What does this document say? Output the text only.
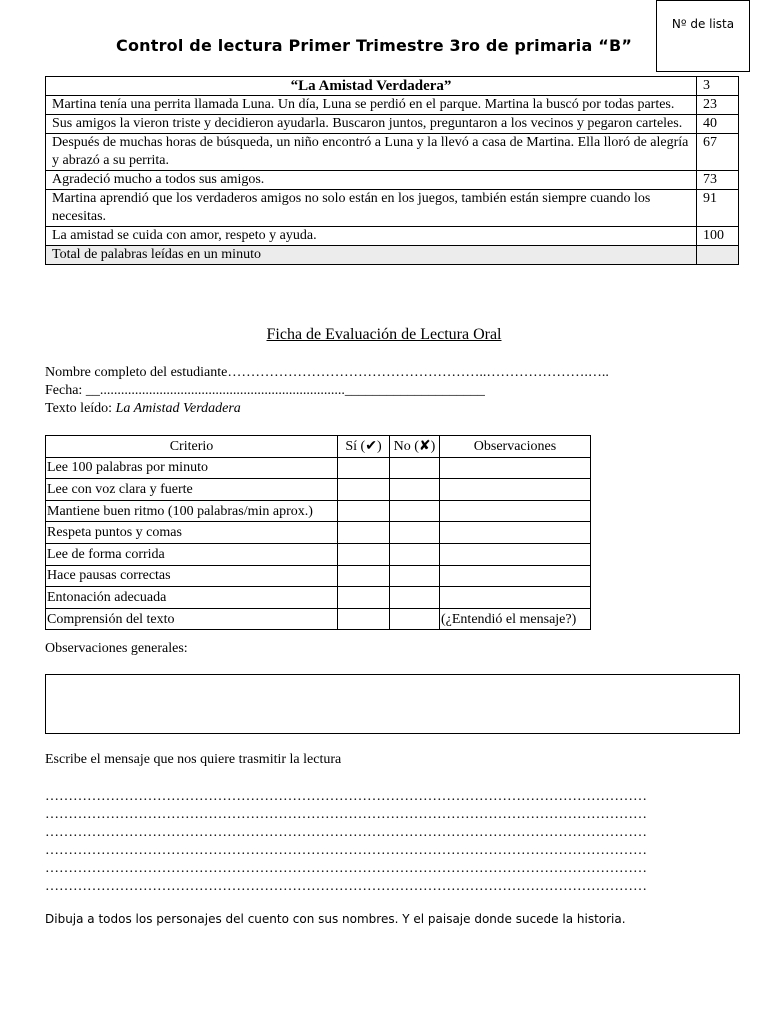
Nº de lista
Control de lectura Primer Trimestre 3ro de primaria “B”
“La Amistad Verdadera”	3
Martina tenía una perrita llamada Luna. Un día, Luna se perdió en el parque. Martina la buscó por todas partes.	23
Sus amigos la vieron triste y decidieron ayudarla. Buscaron juntos, preguntaron a los vecinos y pegaron carteles.	40
Después de muchas horas de búsqueda, un niño encontró a Luna y la llevó a casa de Martina. Ella lloró de alegría y abrazó a su perrita.	67
Agradeció mucho a todos sus amigos.	73
Martina aprendió que los verdaderos amigos no solo están en los juegos, también están siempre cuando los necesitas.	91
La amistad se cuida con amor, respeto y ayuda.	100
Total de palabras leídas en un minuto	
Ficha de Evaluación de Lectura Oral
Nombre completo del estudiante………………………………………………..………………….…..
Fecha: __......................................................................____________________
Texto leído: La Amistad Verdadera
Criterio	Sí (✔)	No (✘)	Observaciones
Lee 100 palabras por minuto			
Lee con voz clara y fuerte			
Mantiene buen ritmo (100 palabras/min aprox.)			
Respeta puntos y comas			
Lee de forma corrida			
Hace pausas correctas			
Entonación adecuada			
Comprensión del texto			(¿Entendió el mensaje?)
Observaciones generales:
Escribe el mensaje que nos quiere trasmitir la lectura
…………………………………………………………………………………………………………………
…………………………………………………………………………………………………………………
…………………………………………………………………………………………………………………
…………………………………………………………………………………………………………………
…………………………………………………………………………………………………………………
…………………………………………………………………………………………………………………
Dibuja a todos los personajes del cuento con sus nombres. Y el paisaje donde sucede la historia.
